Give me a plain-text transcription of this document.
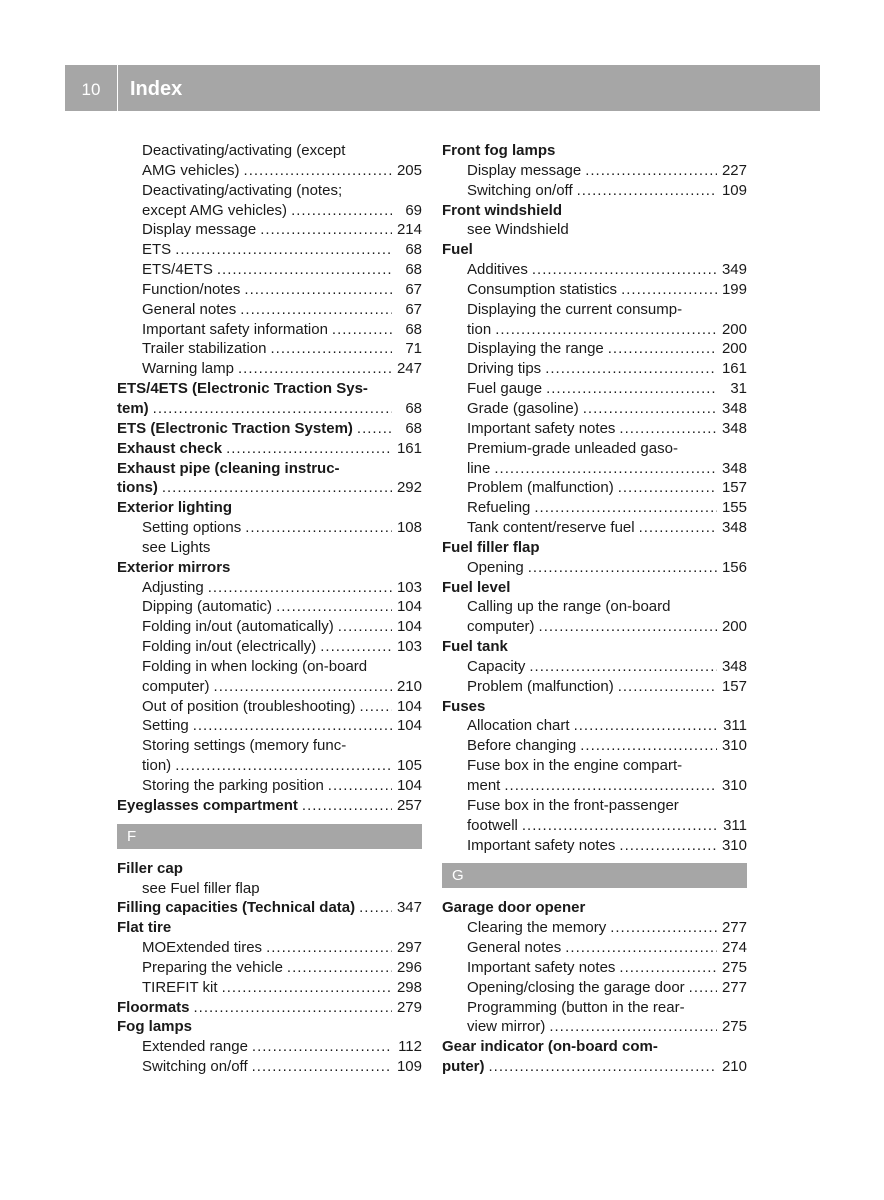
10	Index
Deactivating/activating (except
AMG vehicles) .....	205
Deactivating/activating (notes;
except AMG vehicles) .....	69
Display message .....	214
ETS .....	68
ETS/4ETS .....	68
Function/notes .....	67
General notes .....	67
Important safety information .....	68
Trailer stabilization .....	71
Warning lamp .....	247
ETS/4ETS (Electronic Traction Sys-
tem) .....	68
ETS (Electronic Traction System) .....	68
Exhaust check .....	161
Exhaust pipe (cleaning instruc-
tions) .....	292
Exterior lighting
Setting options .....	108
see Lights
Exterior mirrors
Adjusting .....	103
Dipping (automatic) .....	104
Folding in/out (automatically) .....	104
Folding in/out (electrically) .....	103
Folding in when locking (on-board
computer) .....	210
Out of position (troubleshooting) .....	104
Setting .....	104
Storing settings (memory func-
tion) .....	105
Storing the parking position .....	104
Eyeglasses compartment .....	257
F
Filler cap
see Fuel filler flap
Filling capacities (Technical data) .....	347
Flat tire
MOExtended tires .....	297
Preparing the vehicle .....	296
TIREFIT kit .....	298
Floormats .....	279
Fog lamps
Extended range .....	112
Switching on/off .....	109
Front fog lamps
Display message .....	227
Switching on/off .....	109
Front windshield
see Windshield
Fuel
Additives .....	349
Consumption statistics .....	199
Displaying the current consump-
tion .....	200
Displaying the range .....	200
Driving tips .....	161
Fuel gauge .....	31
Grade (gasoline) .....	348
Important safety notes .....	348
Premium-grade unleaded gaso-
line .....	348
Problem (malfunction) .....	157
Refueling .....	155
Tank content/reserve fuel .....	348
Fuel filler flap
Opening .....	156
Fuel level
Calling up the range (on-board
computer) .....	200
Fuel tank
Capacity .....	348
Problem (malfunction) .....	157
Fuses
Allocation chart .....	311
Before changing .....	310
Fuse box in the engine compart-
ment .....	310
Fuse box in the front-passenger
footwell .....	311
Important safety notes .....	310
G
Garage door opener
Clearing the memory .....	277
General notes .....	274
Important safety notes .....	275
Opening/closing the garage door ..... 277
Programming (button in the rear-
view mirror) .....	275
Gear indicator (on-board com-
puter) .....	210
